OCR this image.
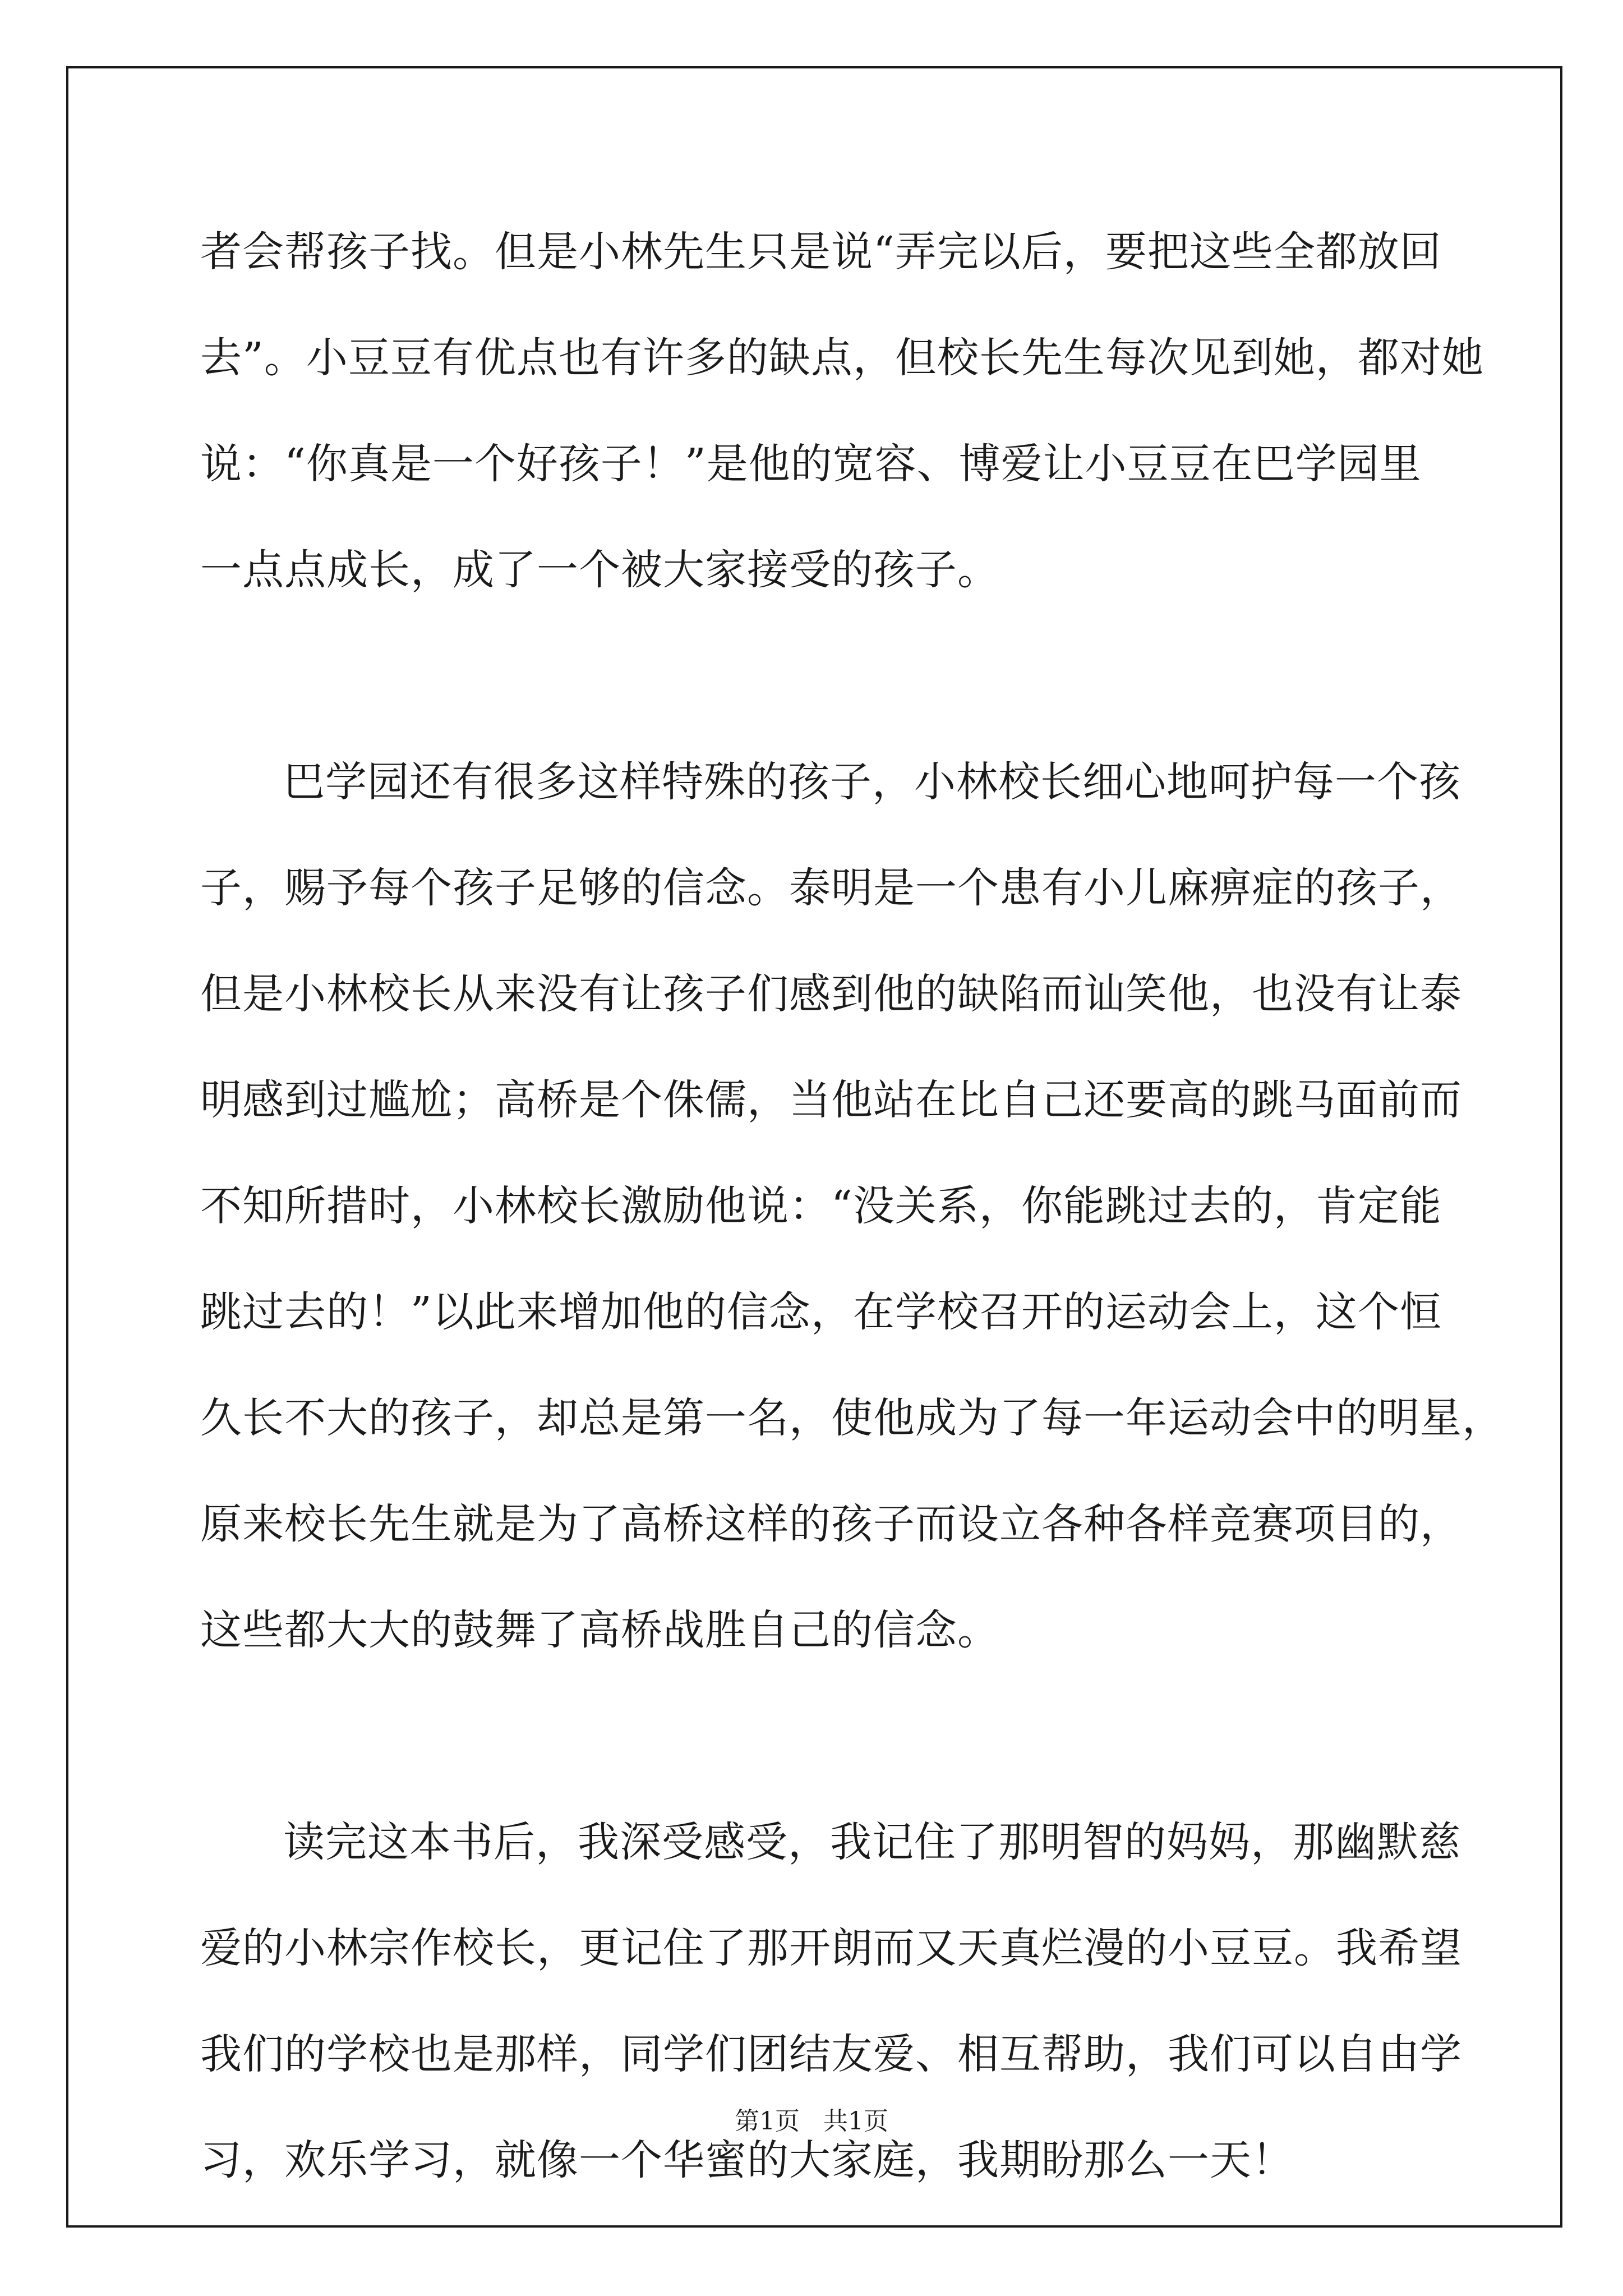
者会帮孩子找。但是小林先生只是说“弄完以后，要把这些全都放回
去”。小豆豆有优点也有许多的缺点，但校长先生每次见到她，都对她
说：“你真是一个好孩子！”是他的宽容、博爱让小豆豆在巴学园里
一点点成长，成了一个被大家接受的孩子。
巴学园还有很多这样特殊的孩子，小林校长细心地呵护每一个孩
子，赐予每个孩子足够的信念。泰明是一个患有小儿麻痹症的孩子，
但是小林校长从来没有让孩子们感到他的缺陷而讪笑他，也没有让泰
明感到过尴尬；高桥是个侏儒，当他站在比自己还要高的跳马面前而
不知所措时，小林校长激励他说：“没关系，你能跳过去的，肯定能
跳过去的！”以此来增加他的信念，在学校召开的运动会上，这个恒
久长不大的孩子，却总是第一名，使他成为了每一年运动会中的明星，
原来校长先生就是为了高桥这样的孩子而设立各种各样竞赛项目的，
这些都大大的鼓舞了高桥战胜自己的信念。
读完这本书后，我深受感受，我记住了那明智的妈妈，那幽默慈
爱的小林宗作校长，更记住了那开朗而又天真烂漫的小豆豆。我希望
我们的学校也是那样，同学们团结友爱、相互帮助，我们可以自由学
习，欢乐学习，就像一个华蜜的大家庭，我期盼那么一天！
第1页   共1页
